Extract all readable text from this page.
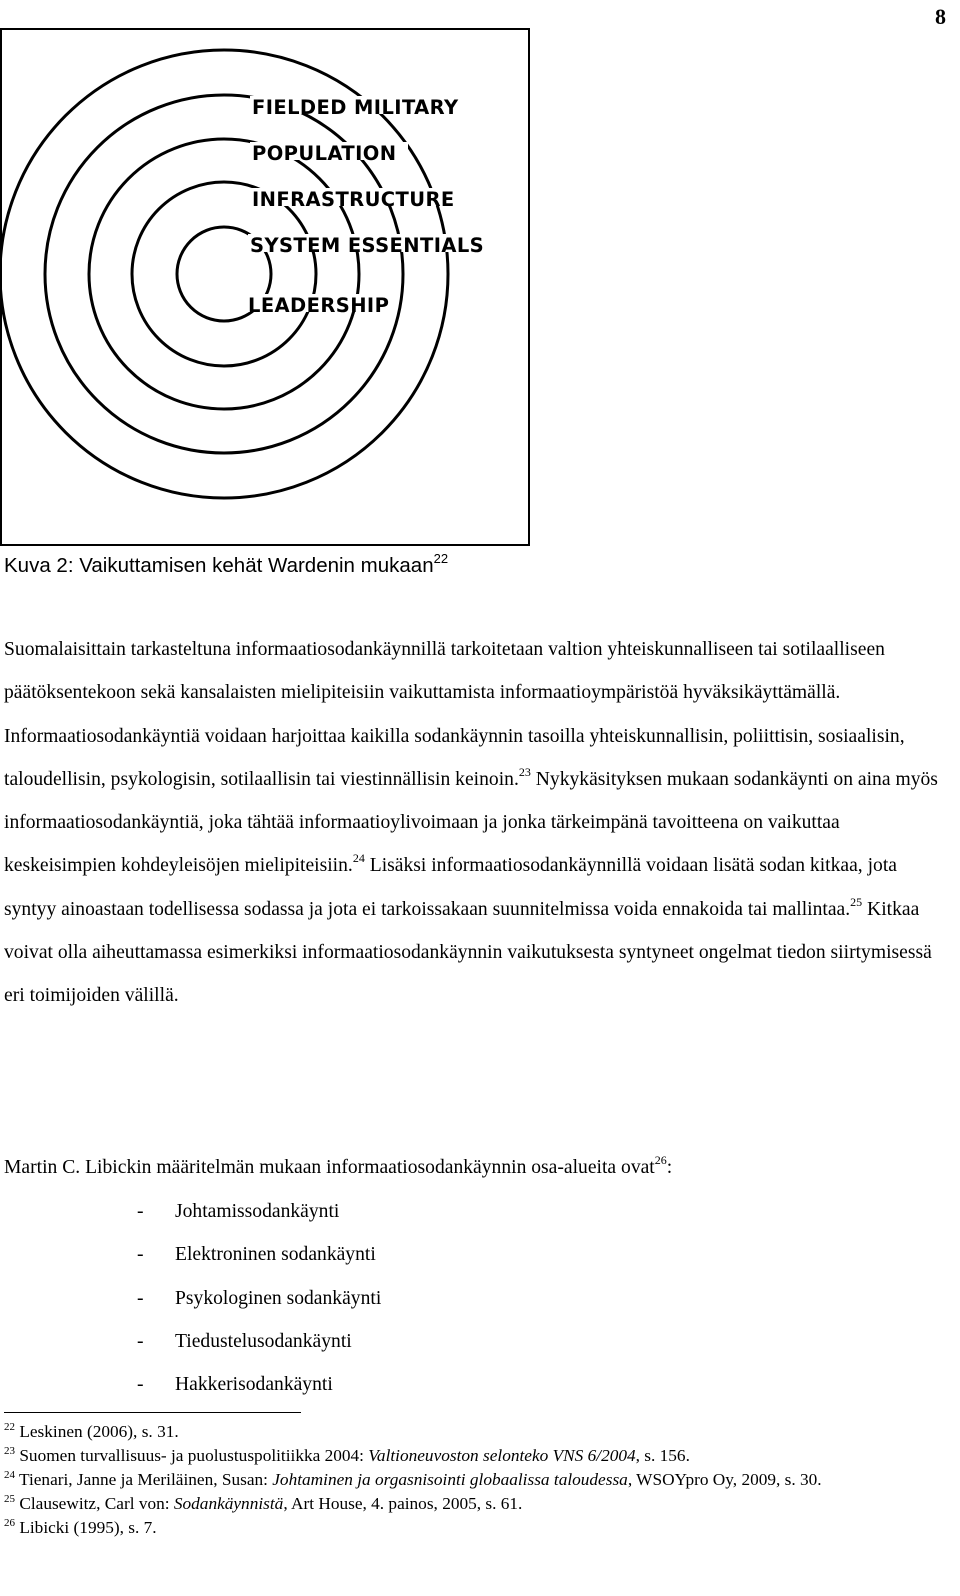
8
FIELDED MILITARY
POPULATION
INFRASTRUCTURE
SYSTEM ESSENTIALS
LEADERSHIP
Kuva 2: Vaikuttamisen kehät Wardenin mukaan$^{22}$
Suomalaisittain tarkasteltuna informaatiosodankäynnillä tarkoitetaan valtion yhteiskunnalliseen tai sotilaalliseen päätöksentekoon sekä kansalaisten mielipiteisiin vaikuttamista informaatioympäristöä hyväksikäyttämällä. Informaatiosodankäyntiä voidaan harjoittaa kaikilla sodankäynnin tasoilla yhteiskunnallisin, poliittisin, sosiaalisin, taloudellisin, psykologisin, sotilaallisin tai viestinnällisin keinoin.$^{23}$ Nykykäsityksen mukaan sodankäynti on aina myös informaatiosodankäyntiä, joka tähtää informaatioylivoimaan ja jonka tärkeimpänä tavoitteena on vaikuttaa keskeisimpien kohdeyleisöjen mielipiteisiin.$^{24}$ Lisäksi informaatiosodankäynnillä voidaan lisätä sodan kitkaa, jota syntyy ainoastaan todellisessa sodassa ja jota ei tarkoissakaan suunnitelmissa voida ennakoida tai mallintaa.$^{25}$ Kitkaa voivat olla aiheuttamassa esimerkiksi informaatiosodankäynnin vaikutuksesta syntyneet ongelmat tiedon siirtymisessä eri toimijoiden välillä.
Martin C. Libickin määritelmän mukaan informaatiosodankäynnin osa-alueita ovat$^{26}$:
- Johtamissodankäynti
- Elektroninen sodankäynti
- Psykologinen sodankäynti
- Tiedustelusodankäynti
- Hakkerisodankäynti

$^{22}$ Leskinen (2006), s. 31.

$^{23}$ Suomen turvallisuus- ja puolustuspolitiikka 2004: Valtioneuvoston selonteko VNS 6/2004, s. 156.

$^{24}$ Tienari, Janne ja Meriläinen, Susan: Johtaminen ja orgasnisointi globaalissa taloudessa, WSOYpro Oy, 2009, s. 30.

$^{25}$ Clausewitz, Carl von: Sodankäynnistä, Art House, 4. painos, 2005, s. 61.

$^{26}$ Libicki (1995), s. 7.
